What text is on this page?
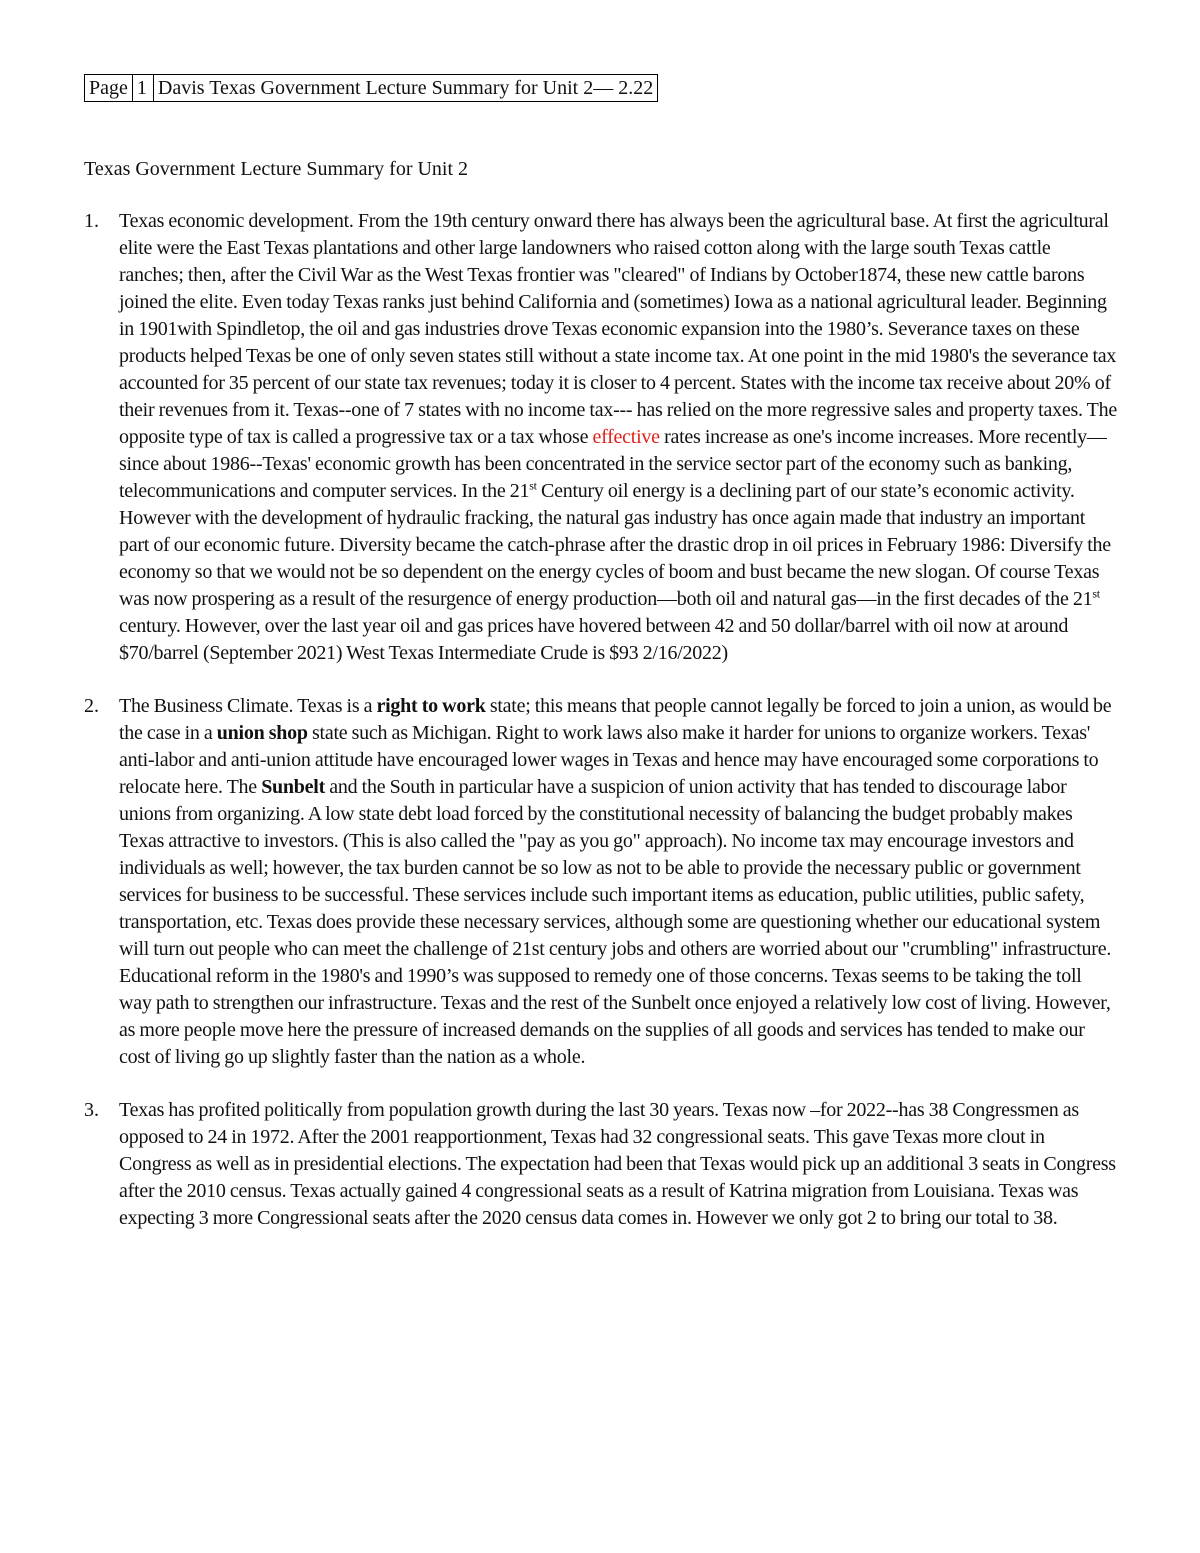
Page 1 Davis Texas Government Lecture Summary for Unit 2— 2.22
Texas Government Lecture Summary for Unit 2
1. Texas economic development. From the 19th century onward there has always been the agricultural base. At first the agricultural elite were the East Texas plantations and other large landowners who raised cotton along with the large south Texas cattle ranches; then, after the Civil War as the West Texas frontier was "cleared" of Indians by October1874, these new cattle barons joined the elite. Even today Texas ranks just behind California and (sometimes) Iowa as a national agricultural leader. Beginning in 1901with Spindletop, the oil and gas industries drove Texas economic expansion into the 1980’s. Severance taxes on these products helped Texas be one of only seven states still without a state income tax. At one point in the mid 1980's the severance tax accounted for 35 percent of our state tax revenues; today it is closer to 4 percent. States with the income tax receive about 20% of their revenues from it. Texas--one of 7 states with no income tax--- has relied on the more regressive sales and property taxes. The opposite type of tax is called a progressive tax or a tax whose effective rates increase as one's income increases. More recently—since about 1986--Texas' economic growth has been concentrated in the service sector part of the economy such as banking, telecommunications and computer services. In the 21st Century oil energy is a declining part of our state’s economic activity. However with the development of hydraulic fracking, the natural gas industry has once again made that industry an important part of our economic future. Diversity became the catch-phrase after the drastic drop in oil prices in February 1986: Diversify the economy so that we would not be so dependent on the energy cycles of boom and bust became the new slogan. Of course Texas was now prospering as a result of the resurgence of energy production—both oil and natural gas—in the first decades of the 21st century. However, over the last year oil and gas prices have hovered between 42 and 50 dollar/barrel with oil now at around $70/barrel (September 2021) West Texas Intermediate Crude is $93 2/16/2022)

2. The Business Climate. Texas is a right to work state; this means that people cannot legally be forced to join a union, as would be the case in a union shop state such as Michigan. Right to work laws also make it harder for unions to organize workers. Texas' anti-labor and anti-union attitude have encouraged lower wages in Texas and hence may have encouraged some corporations to relocate here. The Sunbelt and the South in particular have a suspicion of union activity that has tended to discourage labor unions from organizing. A low state debt load forced by the constitutional necessity of balancing the budget probably makes Texas attractive to investors. (This is also called the "pay as you go" approach). No income tax may encourage investors and individuals as well; however, the tax burden cannot be so low as not to be able to provide the necessary public or government services for business to be successful. These services include such important items as education, public utilities, public safety, transportation, etc. Texas does provide these necessary services, although some are questioning whether our educational system will turn out people who can meet the challenge of 21st century jobs and others are worried about our "crumbling" infrastructure. Educational reform in the 1980's and 1990’s was supposed to remedy one of those concerns. Texas seems to be taking the toll way path to strengthen our infrastructure. Texas and the rest of the Sunbelt once enjoyed a relatively low cost of living. However, as more people move here the pressure of increased demands on the supplies of all goods and services has tended to make our cost of living go up slightly faster than the nation as a whole.

3. Texas has profited politically from population growth during the last 30 years. Texas now –for 2022--has 38 Congressmen as opposed to 24 in 1972. After the 2001 reapportionment, Texas had 32 congressional seats. This gave Texas more clout in Congress as well as in presidential elections. The expectation had been that Texas would pick up an additional 3 seats in Congress after the 2010 census. Texas actually gained 4 congressional seats as a result of Katrina migration from Louisiana. Texas was expecting 3 more Congressional seats after the 2020 census data comes in. However we only got 2 to bring our total to 38.
